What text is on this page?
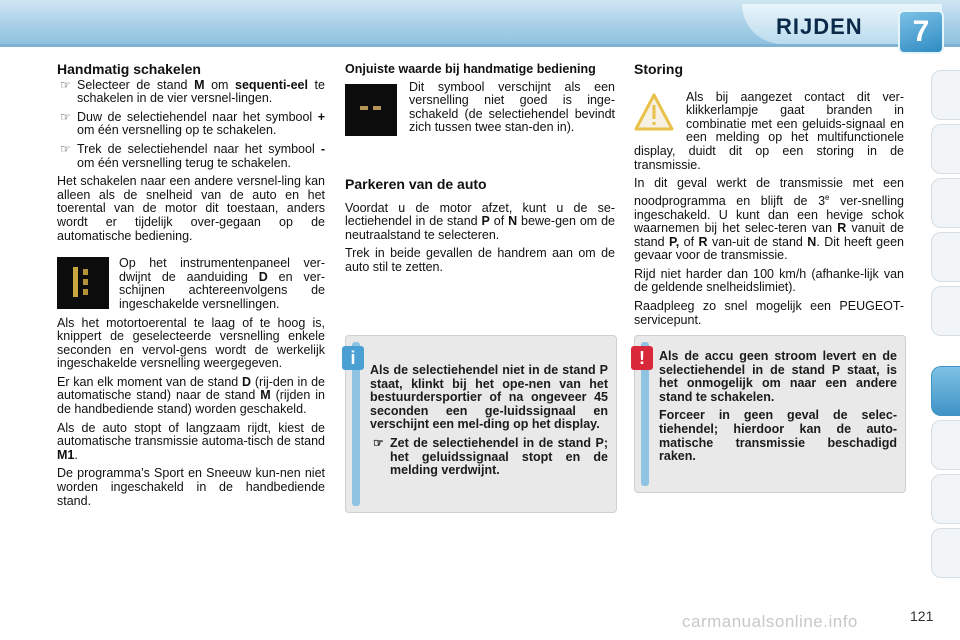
RIJDEN	7
Handmatig schakelen
☞ Selecteer de stand M om sequenti-eel te schakelen in de vier versnel-lingen.
☞ Duw de selectiehendel naar het symbool + om één versnelling op te schakelen.
☞ Trek de selectiehendel naar het symbool - om één versnelling terug te schakelen.

Het schakelen naar een andere versnel-ling kan alleen als de snelheid van de auto en het toerental van de motor dit toestaan, anders wordt er tijdelijk over-gegaan op de automatische bediening.

Op het instrumentenpaneel ver-dwijnt de aanduiding D en ver-schijnen achtereenvolgens de ingeschakelde versnellingen.

Als het motortoerental te laag of te hoog is, knippert de geselecteerde versnelling enkele seconden en vervol-gens wordt de werkelijk ingeschakelde versnelling weergegeven.

Er kan elk moment van de stand D (rij-den in de automatische stand) naar de stand M (rijden in de handbediende stand) worden geschakeld.

Als de auto stopt of langzaam rijdt, kiest de automatische transmissie automa-tisch de stand M1.

De programma’s Sport en Sneeuw kun-nen niet worden ingeschakeld in de handbediende stand.

Onjuiste waarde bij handmatige bediening

Dit symbool verschijnt als een versnelling niet goed is inge-schakeld (de selectiehendel bevindt zich tussen twee stan-den in).

Parkeren van de auto

Voordat u de motor afzet, kunt u de se-lectiehendel in de stand P of N bewe-gen om de neutraalstand te selecteren.

Trek in beide gevallen de handrem aan om de auto stil te zetten.

i

Als de selectiehendel niet in de stand P staat, klinkt bij het ope-nen van het bestuurdersportier of na ongeveer 45 seconden een ge-luidssignaal en verschijnt een mel-ding op het display.

☞ Zet de selectiehendel in de stand P; het geluidssignaal stopt en de melding verdwijnt.
Storing

Als bij aangezet contact dit ver-klikkerlampje gaat branden in combinatie met een geluids-signaal en een melding op het multifunctionele display, duidt dit op een storing in de transmissie.

In dit geval werkt de transmissie met een noodprogramma en blijft de 3e ver-snelling ingeschakeld. U kunt dan een hevige schok waarnemen bij het selec-teren van R vanuit de stand P, of R van-uit de stand N. Dit heeft geen gevaar voor de transmissie.

Rijd niet harder dan 100 km/h (afhanke-lijk van de geldende snelheidslimiet).

Raadpleeg zo snel mogelijk een PEUGEOT-servicepunt.

!	Als de accu geen stroom levert en de selectiehendel in de stand P staat, is het onmogelijk om naar een andere stand te schakelen.

Forceer in geen geval de selec-tiehendel; hierdoor kan de auto-matische transmissie beschadigd raken.

carmanualsonline.info	121
